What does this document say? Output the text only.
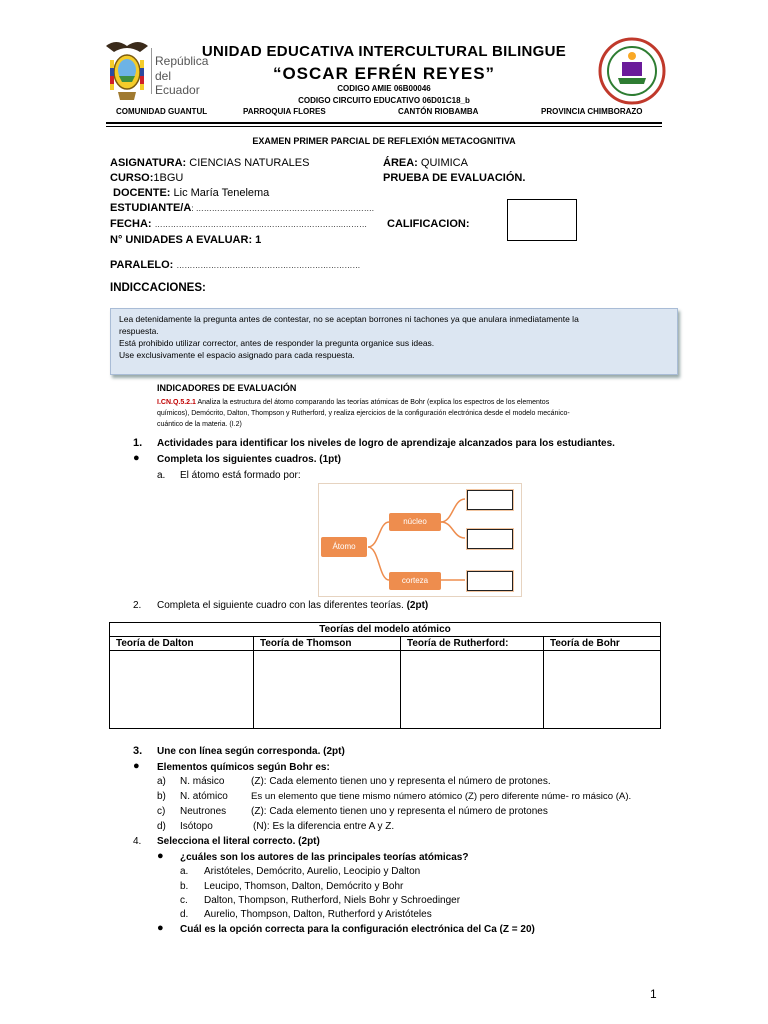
República
del Ecuador
UNIDAD EDUCATIVA INTERCULTURAL BILINGUE
“OSCAR EFRÉN REYES”
CODIGO AMIE 06B00046
CODIGO CIRCUITO EDUCATIVO 06D01C18_b
COMUNIDAD GUANTUL	PARROQUIA FLORES	CANTÓN RIOBAMBA	PROVINCIA CHIMBORAZO
EXAMEN PRIMER PARCIAL DE REFLEXIÓN METACOGNITIVA
ASIGNATURA: CIENCIAS NATURALES	ÁREA: QUIMICA
CURSO:1BGU	PRUEBA DE EVALUACIÓN.
DOCENTE: Lic María Tenelema
ESTUDIANTE/A: ………………………………………………………….
FECHA: ……………………………………………………………..……… CALIFICACION:
N° UNIDADES A EVALUAR: 1
PARALELO: ……………………………………………………………
INDICCACIONES:
Lea detenidamente la pregunta antes de contestar, no se aceptan borrones ni tachones ya que anulara inmediatamente la
respuesta.
Está prohibido utilizar corrector, antes de responder la pregunta organice sus ideas.
Use exclusivamente el espacio asignado para cada respuesta.
INDICADORES DE EVALUACIÓN
I.CN.Q.5.2.1 Analiza la estructura del átomo comparando las teorías atómicas de Bohr (explica los espectros de los elementos
químicos), Demócrito, Dalton, Thompson y Rutherford, y realiza ejercicios de la configuración electrónica desde el modelo mecánico-
cuántico de la materia. (I.2)
1. Actividades para identificar los niveles de logro de aprendizaje alcanzados para los estudiantes.
● Completa los siguientes cuadros. (1pt)
a. El átomo está formado por:
Átomo
núcleo
corteza
2. Completa el siguiente cuadro con las diferentes teorías. (2pt)
Teorías del modelo atómico			
Teoría de Dalton	Teoría de Thomson	Teoría de Rutherford:	Teoría de Bohr

3. Une con línea según corresponda. (2pt)
● Elementos químicos según Bohr es:
a) N. másico	(Z): Cada elemento tienen uno y representa el número de protones.
b) N. atómico Es un elemento que tiene mismo número atómico (Z) pero diferente núme- ro másico (A).
c) Neutrones (Z): Cada elemento tienen uno y representa el número de protones
d) Isótopo	(N): Es la diferencia entre A y Z.
4. Selecciona el literal correcto. (2pt)
● ¿cuáles son los autores de las principales teorías atómicas?
a. Aristóteles, Demócrito, Aurelio, Leocipio y Dalton
b. Leucipo, Thomson, Dalton, Demócrito y Bohr
c. Dalton, Thompson, Rutherford, Niels Bohr y Schroedinger
d. Aurelio, Thompson, Dalton, Rutherford y Aristóteles
● Cuál es la opción correcta para la configuración electrónica del Ca (Z = 20)
1
